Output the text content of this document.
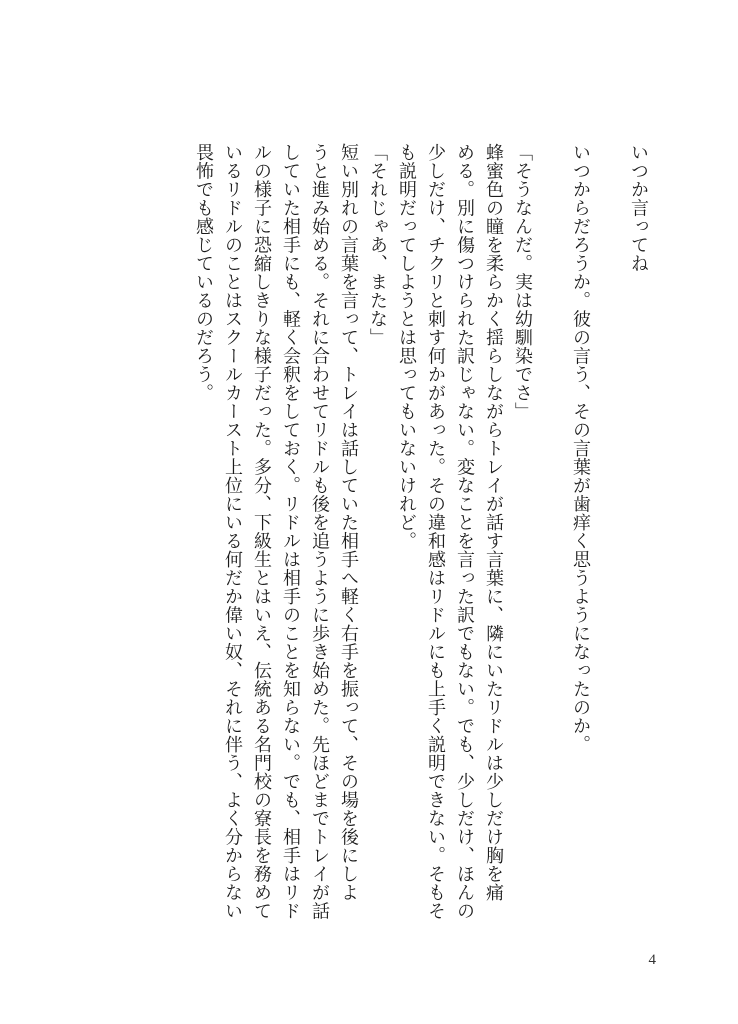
いつか言ってね
いつからだろうか。彼の言う、その言葉が歯痒く思うようになったのか。
「そうなんだ。実は幼馴染でさ」
蜂蜜色の瞳を柔らかく揺らしながらトレイが話す言葉に、隣にいたリドルは少しだけ胸を痛
める。別に傷つけられた訳じゃない。変なことを言った訳でもない。でも、少しだけ、ほんの
少しだけ、チクリと刺す何かがあった。その違和感はリドルにも上手く説明できない。そもそ
も説明だってしようとは思ってもいないけれど。
「それじゃあ、またな」
短い別れの言葉を言って、トレイは話していた相手へ軽く右手を振って、その場を後にしよ
うと進み始める。それに合わせてリドルも後を追うように歩き始めた。先ほどまでトレイが話
していた相手にも、軽く会釈をしておく。リドルは相手のことを知らない。でも、相手はリド
ルの様子に恐縮しきりな様子だった。多分、下級生とはいえ、伝統ある名門校の寮長を務めて
いるリドルのことはスクールカースト上位にいる何だか偉い奴、それに伴う、よく分からない
畏怖でも感じているのだろう。
4
